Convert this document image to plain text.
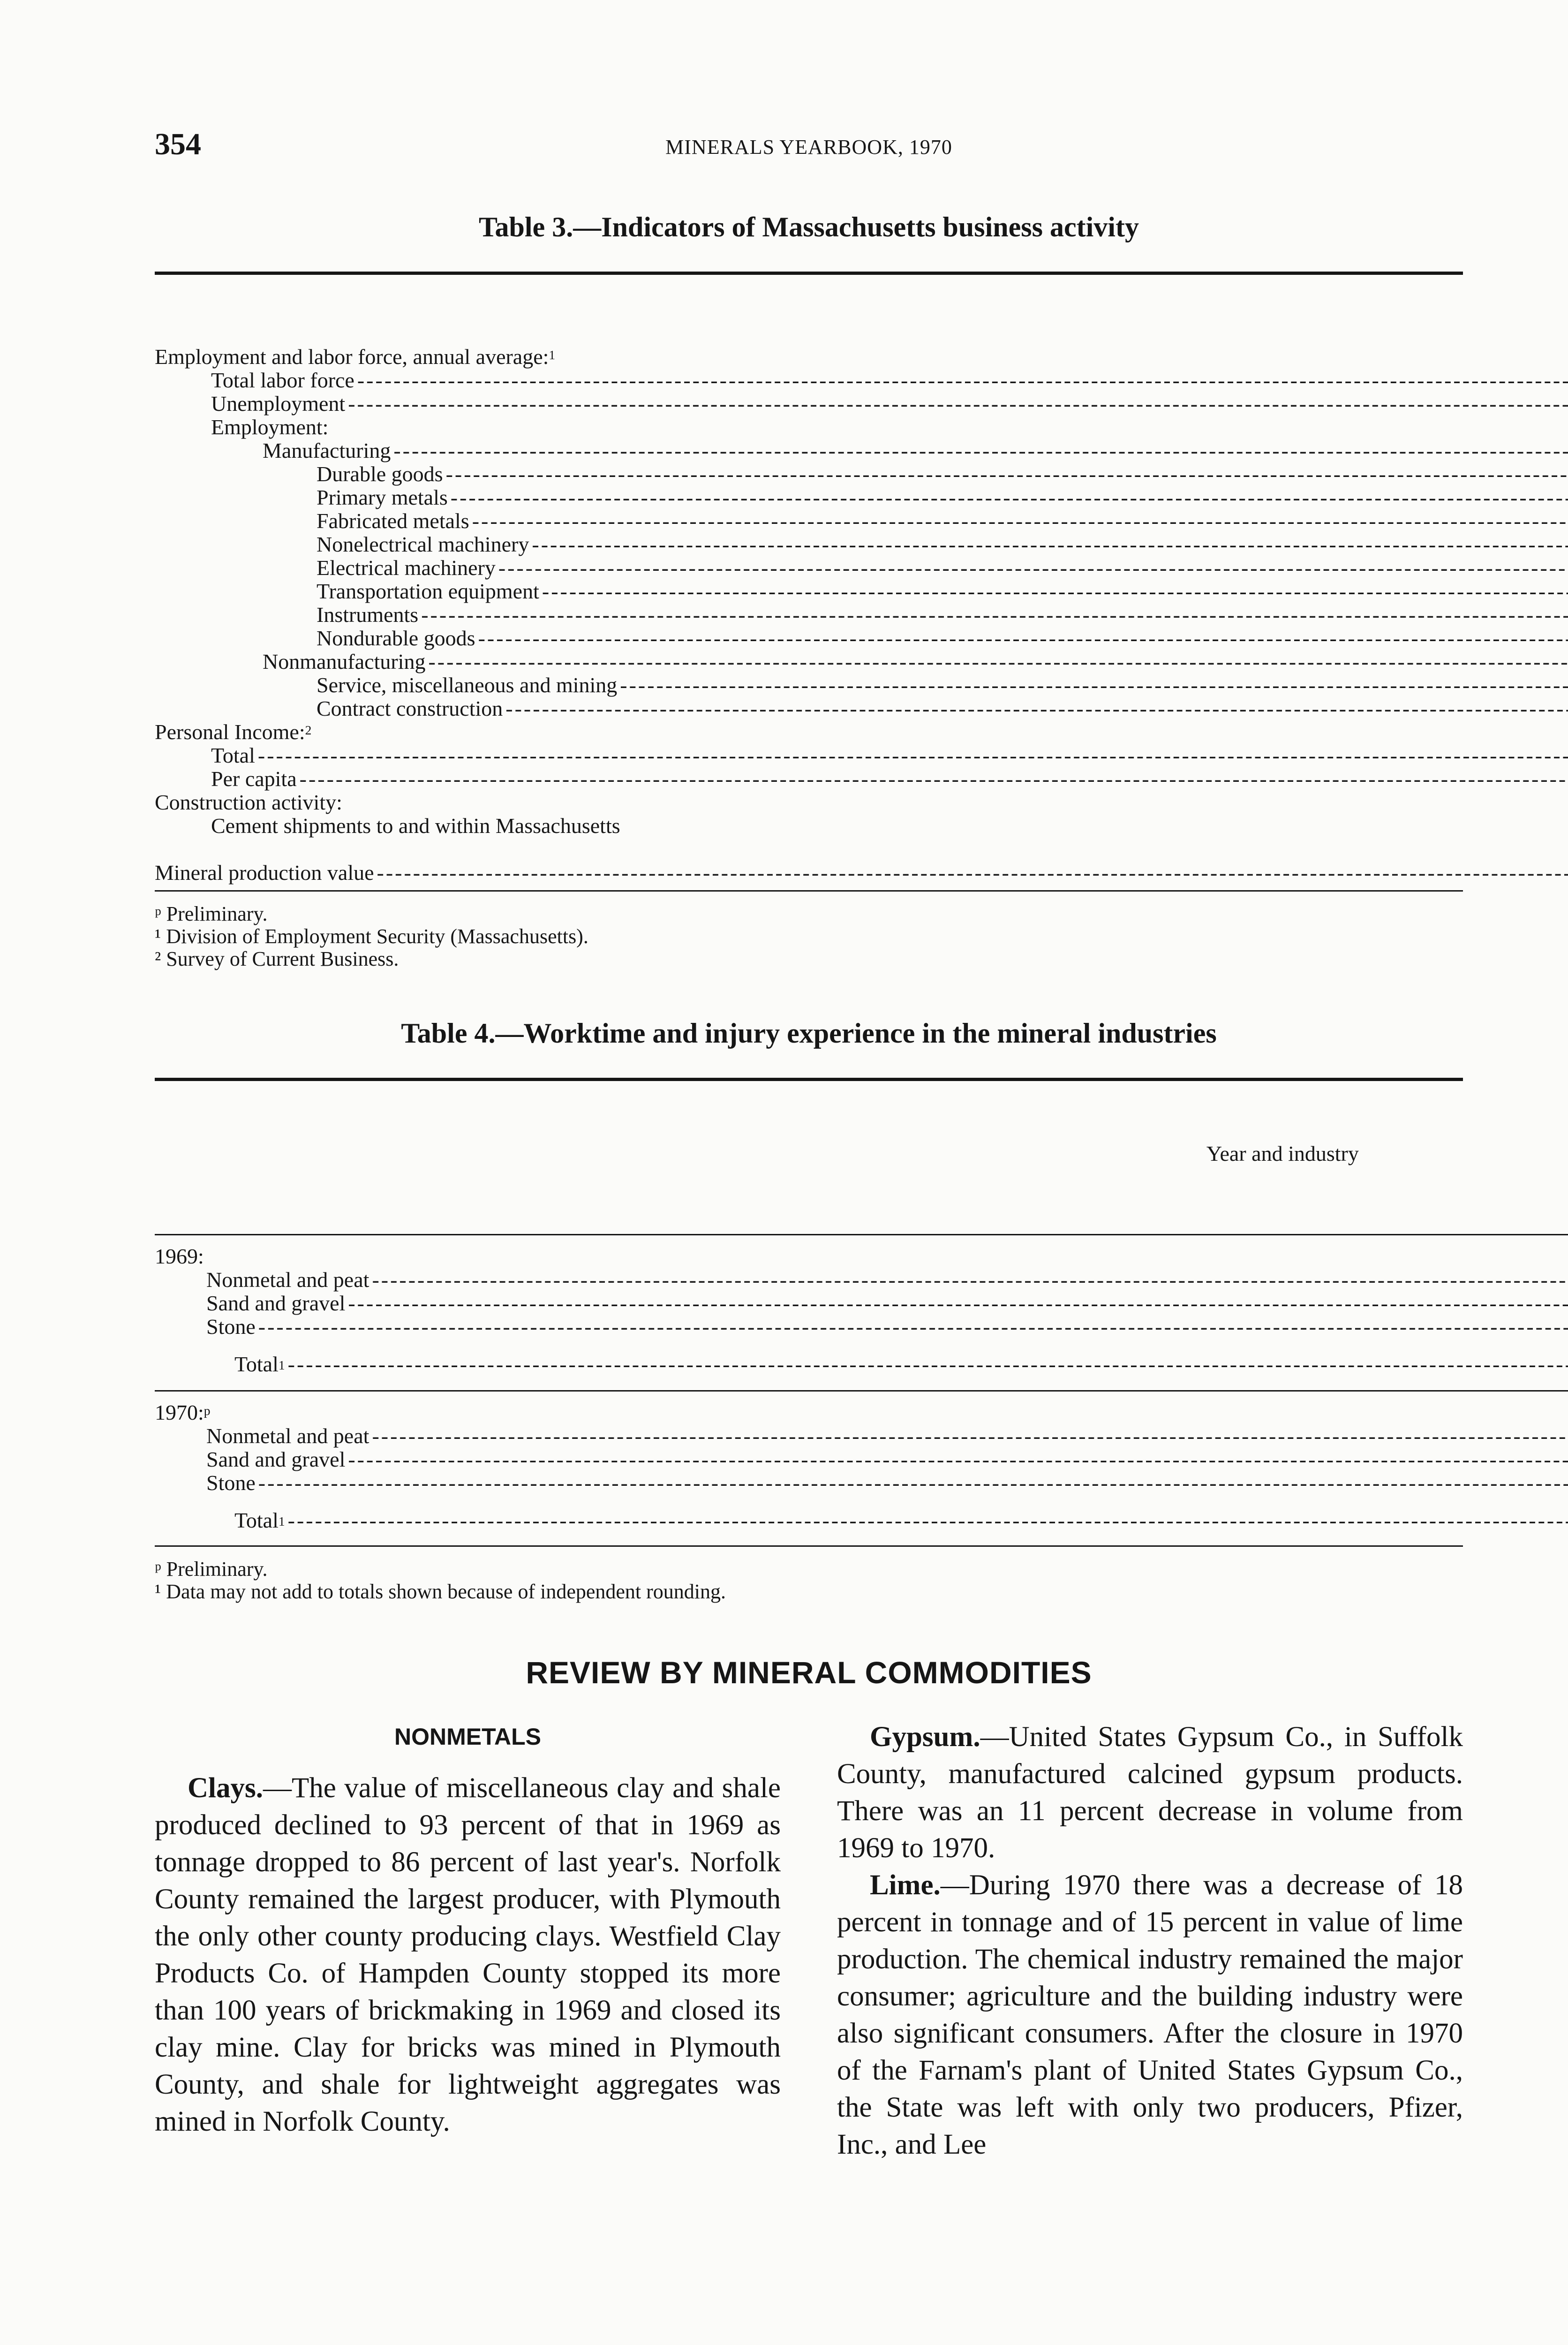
354	MINERALS YEARBOOK, 1970
Table 3.—Indicators of Massachusetts business activity

Employment and labor force, annual average:$^1$

Total labor force
-----

Unemployment
-----

Employment:			

Manufacturing
-----

Durable goods
-----

Primary metals
-----

Fabricated metals
-----

Nonelectrical machinery
-----

Electrical machinery
-----

Transportation equipment
-----

Instruments
-----

Nondurable goods
-----

Nonmanufacturing
-----

Service, miscellaneous and mining
-----

Contract construction
-----

Personal Income:$^2$

Total
-----

Per capita
-----

Construction activity:			

Cement shipments to and within Massachusetts			

Mineral production value
-----

ᵖ Preliminary.
¹ Division of Employment Security (Massachusetts).
² Survey of Current Business.
Table 4.—Worktime and injury experience in the mineral industries
Year and industry	

1969:								

Nonmetal and peat
-----

Sand and gravel
-----

Stone
-----

Total$^1$
-----

1970:$^p$

Nonmetal and peat
-----

Sand and gravel
-----

Stone
-----

Total$^1$
-----

ᵖ Preliminary.
¹ Data may not add to totals shown because of independent rounding.
REVIEW BY MINERAL COMMODITIES
NONMETALS

Clays.—The value of miscellaneous clay and shale produced declined to 93 percent of that in 1969 as tonnage dropped to 86 percent of last year's. Norfolk County remained the largest producer, with Plymouth the only other county producing clays. Westfield Clay Products Co. of Hampden County stopped its more than 100 years of brickmaking in 1969 and closed its clay mine. Clay for bricks was mined in Plymouth County, and shale for lightweight aggregates was mined in Norfolk County.

Gypsum.—United States Gypsum Co., in Suffolk County, manufactured calcined gypsum products. There was an 11 percent decrease in volume from 1969 to 1970.

Lime.—During 1970 there was a decrease of 18 percent in tonnage and of 15 percent in value of lime production. The chemical industry remained the major consumer; agriculture and the building industry were also significant consumers. After the closure in 1970 of the Farnam's plant of United States Gypsum Co., the State was left with only two producers, Pfizer, Inc., and Lee
